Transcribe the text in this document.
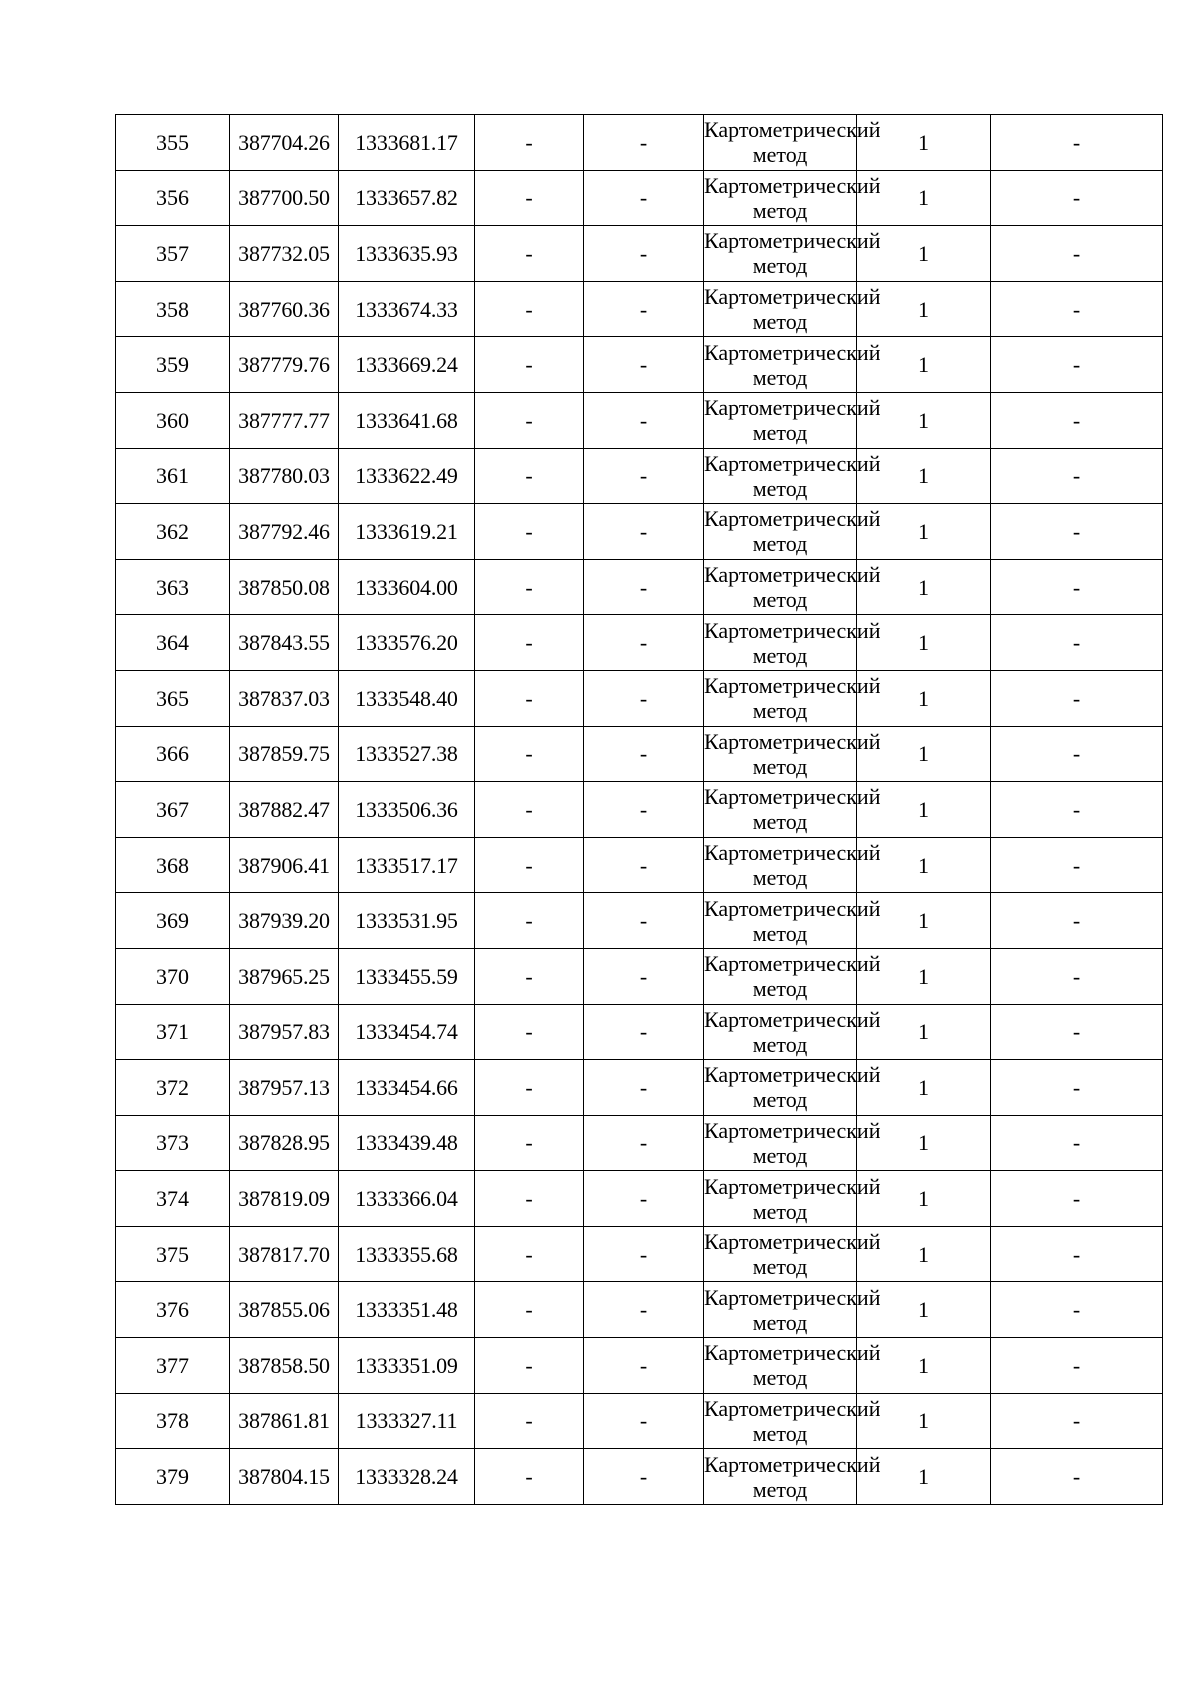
355	387704.26	1333681.17	-	-	Картометрический метод	1	-
356	387700.50	1333657.82	-	-	Картометрический метод	1	-
357	387732.05	1333635.93	-	-	Картометрический метод	1	-
358	387760.36	1333674.33	-	-	Картометрический метод	1	-
359	387779.76	1333669.24	-	-	Картометрический метод	1	-
360	387777.77	1333641.68	-	-	Картометрический метод	1	-
361	387780.03	1333622.49	-	-	Картометрический метод	1	-
362	387792.46	1333619.21	-	-	Картометрический метод	1	-
363	387850.08	1333604.00	-	-	Картометрический метод	1	-
364	387843.55	1333576.20	-	-	Картометрический метод	1	-
365	387837.03	1333548.40	-	-	Картометрический метод	1	-
366	387859.75	1333527.38	-	-	Картометрический метод	1	-
367	387882.47	1333506.36	-	-	Картометрический метод	1	-
368	387906.41	1333517.17	-	-	Картометрический метод	1	-
369	387939.20	1333531.95	-	-	Картометрический метод	1	-
370	387965.25	1333455.59	-	-	Картометрический метод	1	-
371	387957.83	1333454.74	-	-	Картометрический метод	1	-
372	387957.13	1333454.66	-	-	Картометрический метод	1	-
373	387828.95	1333439.48	-	-	Картометрический метод	1	-
374	387819.09	1333366.04	-	-	Картометрический метод	1	-
375	387817.70	1333355.68	-	-	Картометрический метод	1	-
376	387855.06	1333351.48	-	-	Картометрический метод	1	-
377	387858.50	1333351.09	-	-	Картометрический метод	1	-
378	387861.81	1333327.11	-	-	Картометрический метод	1	-
379	387804.15	1333328.24	-	-	Картометрический метод	1	-
